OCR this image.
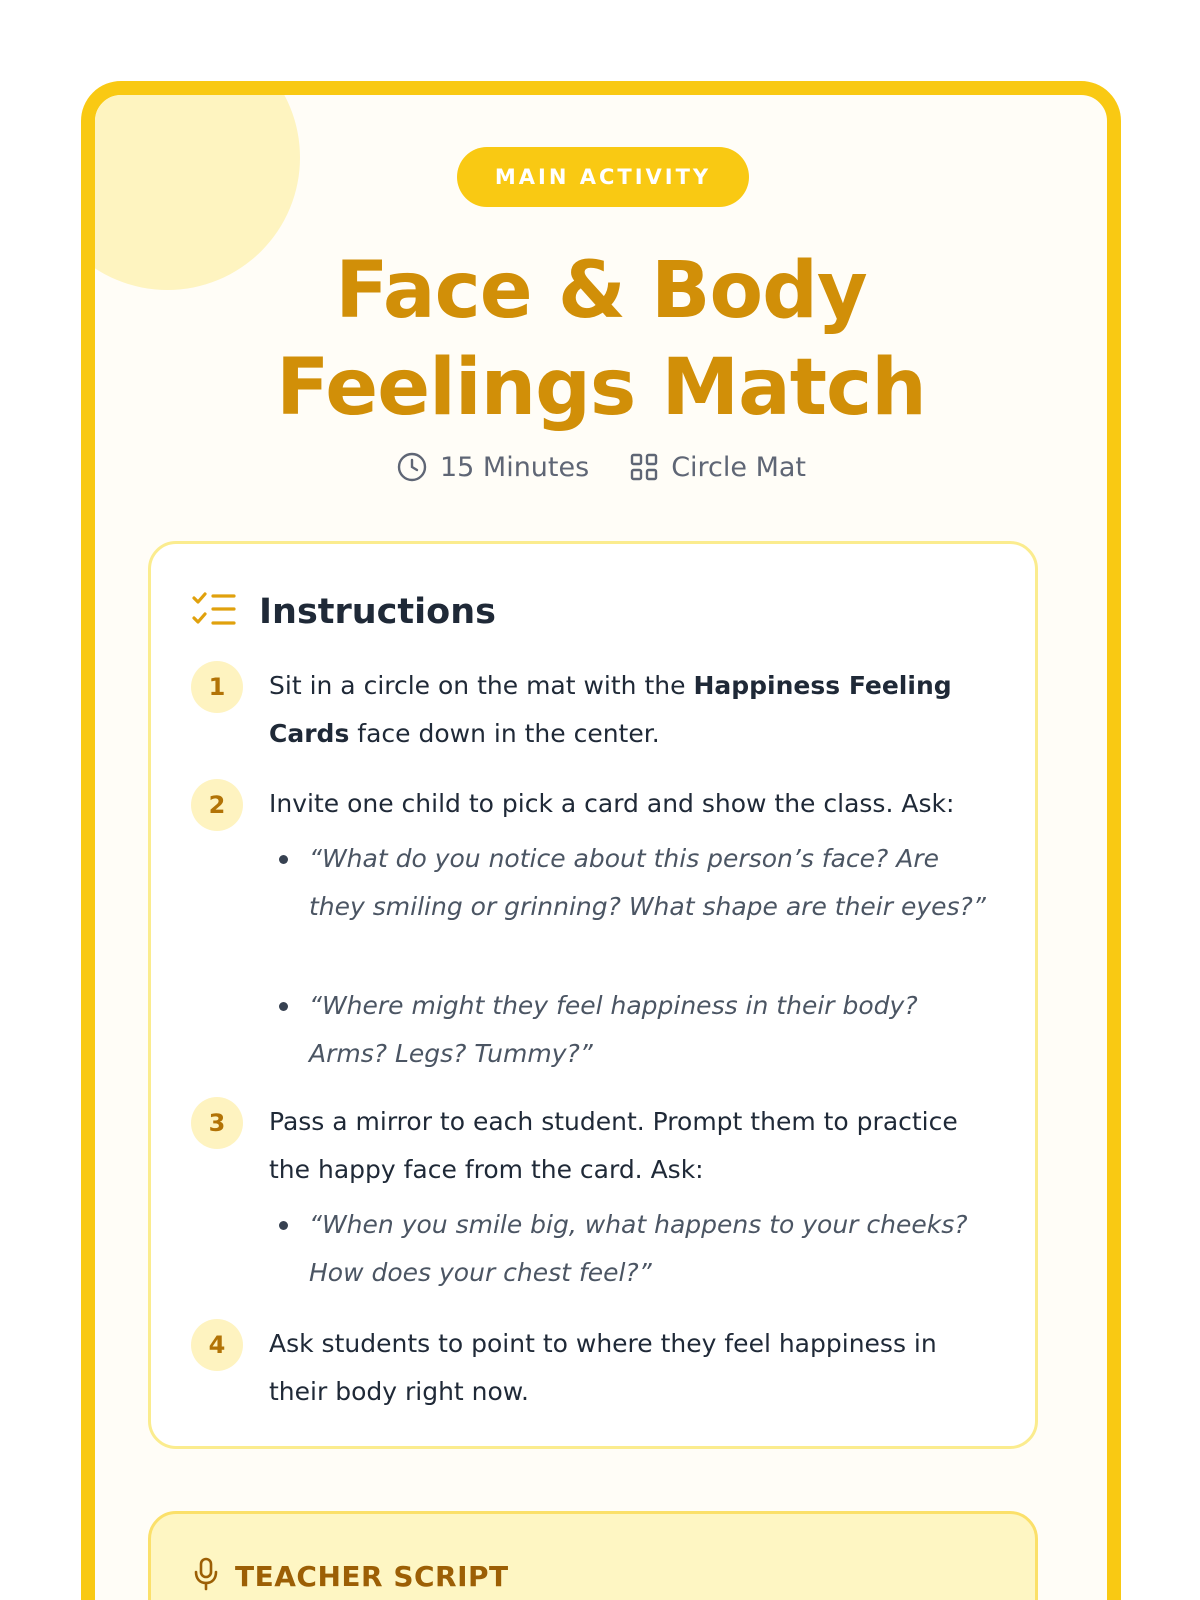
MAIN ACTIVITY
Face & Body
Feelings Match
15 Minutes	Circle Mat
Instructions
1	Sit in a circle on the mat with the Happiness Feeling Cards face down in the center.
2	Invite one child to pick a card and show the class. Ask:
“What do you notice about this person’s face? Are they smiling or grinning? What shape are their eyes?”
“Where might they feel happiness in their body? Arms? Legs? Tummy?”
3	Pass a mirror to each student. Prompt them to practice the happy face from the card. Ask:
“When you smile big, what happens to your cheeks? How does your chest feel?”
4	Ask students to point to where they feel happiness in their body right now.
TEACHER SCRIPT
